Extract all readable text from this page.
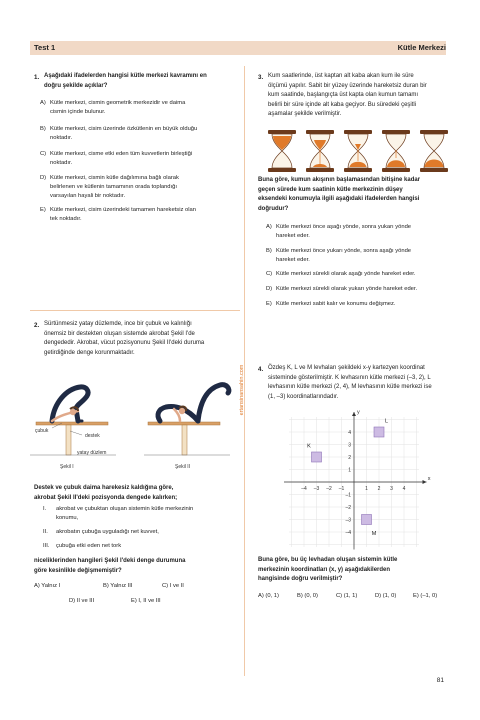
Test 1	Kütle Merkezi
ertansinansahin.com
1. Aşağıdaki ifadelerden hangisi kütle merkezi kavramını en
doğru şekilde açıklar?
A) Kütle merkezi, cismin geometrik merkezidir ve daima
cismin içinde bulunur.
B) Kütle merkezi, cisim üzerinde özkütlenin en büyük olduğu
noktadır.
C) Kütle merkezi, cisme etki eden tüm kuvvetlerin birleştiği
noktadır.
D) Kütle merkezi, cismin kütle dağılımına bağlı olarak
belirlenen ve kütlenin tamamının orada toplandığı
varsayılan hayali bir noktadır.
E) Kütle merkezi, cisim üzerindeki tamamen hareketsiz olan
tek noktadır.
2. Sürtünmesiz yatay düzlemde, ince bir çubuk ve kalınlığı
önemsiz bir destekten oluşan sistemde akrobat Şekil I'de
dengededir. Akrobat, vücut pozisyonunu Şekil II'deki duruma
getirdiğinde denge korunmaktadır.
çubuk
destek
yatay düzlem
Şekil I	Şekil II
Destek ve çubuk daima harekesiz kaldığına göre,
akrobat Şekil II'deki pozisyonda dengede kalırken;
I. akrobat ve çubuktan oluşan sistemin kütle merkezinin
konumu,
II. akrobatın çubuğa uyguladığı net kuvvet,
III. çubuğa etki eden net tork
niceliklerinden hangileri Şekil I'deki denge durumuna
göre kesinlikle değişmemiştir?
A) Yalnız I	B) Yalnız III	C) I ve II
D) II ve III	E) I, II ve III
3. Kum saatlerinde, üst kaptan alt kaba akan kum ile süre
ölçümü yapılır. Sabit bir yüzey üzerinde hareketsiz duran bir
kum saatinde, başlangıçta üst kapta olan kumun tamamı
belirli bir süre içinde alt kaba geçiyor. Bu süredeki çeşitli
aşamalar şekilde verilmiştir.
Buna göre, kumun akışının başlamasından bitişine kadar
geçen sürede kum saatinin kütle merkezinin düşey
eksendeki konumuyla ilgili aşağıdaki ifadelerden hangisi
doğrudur?
A) Kütle merkezi önce aşağı yönde, sonra yukarı yönde
hareket eder.
B) Kütle merkezi önce yukarı yönde, sonra aşağı yönde
hareket eder.
C) Kütle merkezi sürekli olarak aşağı yönde hareket eder.
D) Kütle merkezi sürekli olarak yukarı yönde hareket eder.
E) Kütle merkezi sabit kalır ve konumu değişmez.
4. Özdeş K, L ve M levhaları şekildeki x-y kartezyen koordinat
sisteminde gösterilmiştir. K levhasının kütle merkezi (–3, 2), L
levhasının kütle merkezi (2, 4), M levhasının kütle merkezi ise
(1, –3) koordinatlarındadır.
x
y
–4 –3 –2 –1	1 2 3 4
4
3
2
1
–1
–2
–3
–4
K
L
M
Buna göre, bu üç levhadan oluşan sistemin kütle
merkezinin koordinatları (x, y) aşağıdakilerden
hangisinde doğru verilmiştir?
A) (0, 1)	B) (0, 0)	C) (1, 1)	D) (1, 0)	E) (–1, 0)
81
